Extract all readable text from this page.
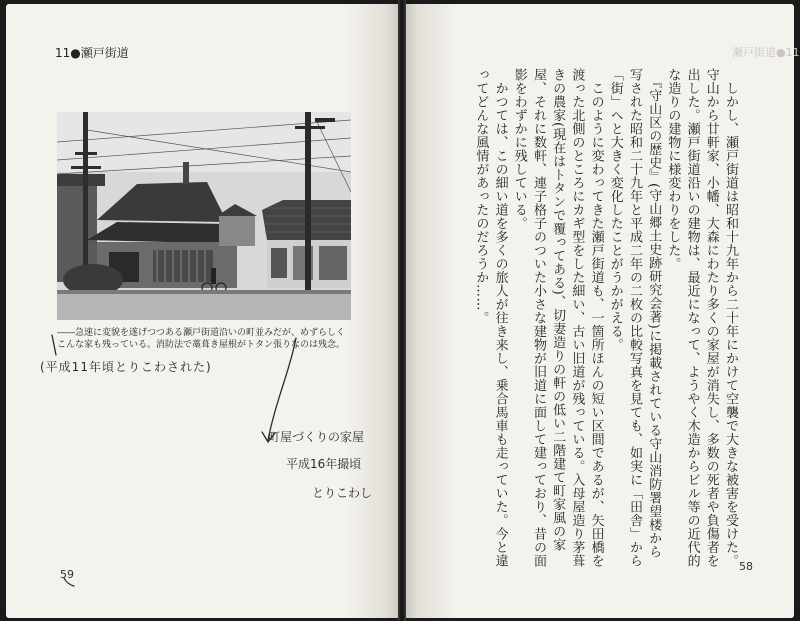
11●瀬戸街道
――急速に変貌を遂げつつある瀬戸街道沿いの町並みだが、めずらしくこんな家も残っている。消防法で藁葺き屋根がトタン張りなのは残念。
(平成11年頃とりこわされた)
町屋づくりの家屋
平成16年撮頃
とりこわし
59
瀬戸街道●11

　しかし、瀬戸街道は昭和十九年から二十年にかけて空襲で大きな被害を受けた。守山から廿軒家、小幡、大森にわたり多くの家屋が消失し、多数の死者や負傷者を出した。瀬戸街道沿いの建物は、最近になって、ようやく木造からビル等の近代的な造りの建物に様変わりをした。

　『守山区の歴史』(守山郷土史跡研究会著)に掲載されている守山消防署望楼から写された昭和二十九年と平成二年の二枚の比較写真を見ても、如実に「田舎」から「街」へと大きく変化したことがうかがえる。

　このように変わってきた瀬戸街道も、一箇所ほんの短い区間であるが、矢田橋を渡った北側のところにカギ型をした細い、古い旧道が残っている。入母屋造り茅葺きの農家(現在はトタンで覆ってある)、切妻造りの軒の低い二階建て町家風の家屋、それに数軒、連子格子のついた小さな建物が旧道に面して建っており、昔の面影をわずかに残している。

　かつては、この細い道を多くの旅人が往き来し、乗合馬車も走っていた。今と違ってどんな風情があったのだろうか……。

58
